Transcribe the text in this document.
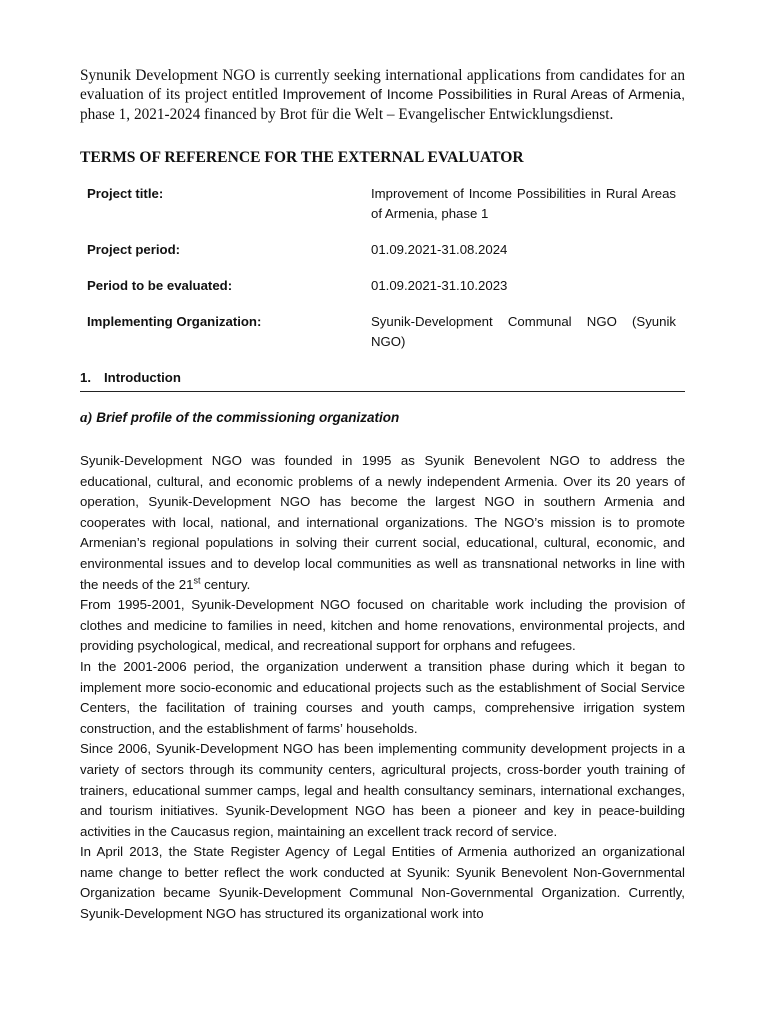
Synunik Development NGO is currently seeking international applications from candidates for an evaluation of its project entitled Improvement of Income Possibilities in Rural Areas of Armenia, phase 1, 2021-2024 financed by Brot für die Welt – Evangelischer Entwicklungsdienst.

TERMS OF REFERENCE FOR THE EXTERNAL EVALUATOR
Project title:	Improvement of Income Possibilities in Rural Areas of Armenia, phase 1
Project period:	01.09.2021-31.08.2024
Period to be evaluated:	01.09.2021-31.10.2023
Implementing Organization:	Syunik-Development Communal NGO (Syunik NGO)
1. Introduction
a) Brief profile of the commissioning organization

Syunik-Development NGO was founded in 1995 as Syunik Benevolent NGO to address the educational, cultural, and economic problems of a newly independent Armenia. Over its 20 years of operation, Syunik-Development NGO has become the largest NGO in southern Armenia and cooperates with local, national, and international organizations. The NGO’s mission is to promote Armenian’s regional populations in solving their current social, educational, cultural, economic, and environmental issues and to develop local communities as well as transnational networks in line with the needs of the 21st century.

From 1995-2001, Syunik-Development NGO focused on charitable work including the provision of clothes and medicine to families in need, kitchen and home renovations, environmental projects, and providing psychological, medical, and recreational support for orphans and refugees.

In the 2001-2006 period, the organization underwent a transition phase during which it began to implement more socio-economic and educational projects such as the establishment of Social Service Centers, the facilitation of training courses and youth camps, comprehensive irrigation system construction, and the establishment of farms’ households.

Since 2006, Syunik-Development NGO has been implementing community development projects in a variety of sectors through its community centers, agricultural projects, cross-border youth training of trainers, educational summer camps, legal and health consultancy seminars, international exchanges, and tourism initiatives. Syunik-Development NGO has been a pioneer and key in peace-building activities in the Caucasus region, maintaining an excellent track record of service.

In April 2013, the State Register Agency of Legal Entities of Armenia authorized an organizational name change to better reflect the work conducted at Syunik: Syunik Benevolent Non-Governmental Organization became Syunik-Development Communal Non-Governmental Organization. Currently, Syunik-Development NGO has structured its organizational work into
